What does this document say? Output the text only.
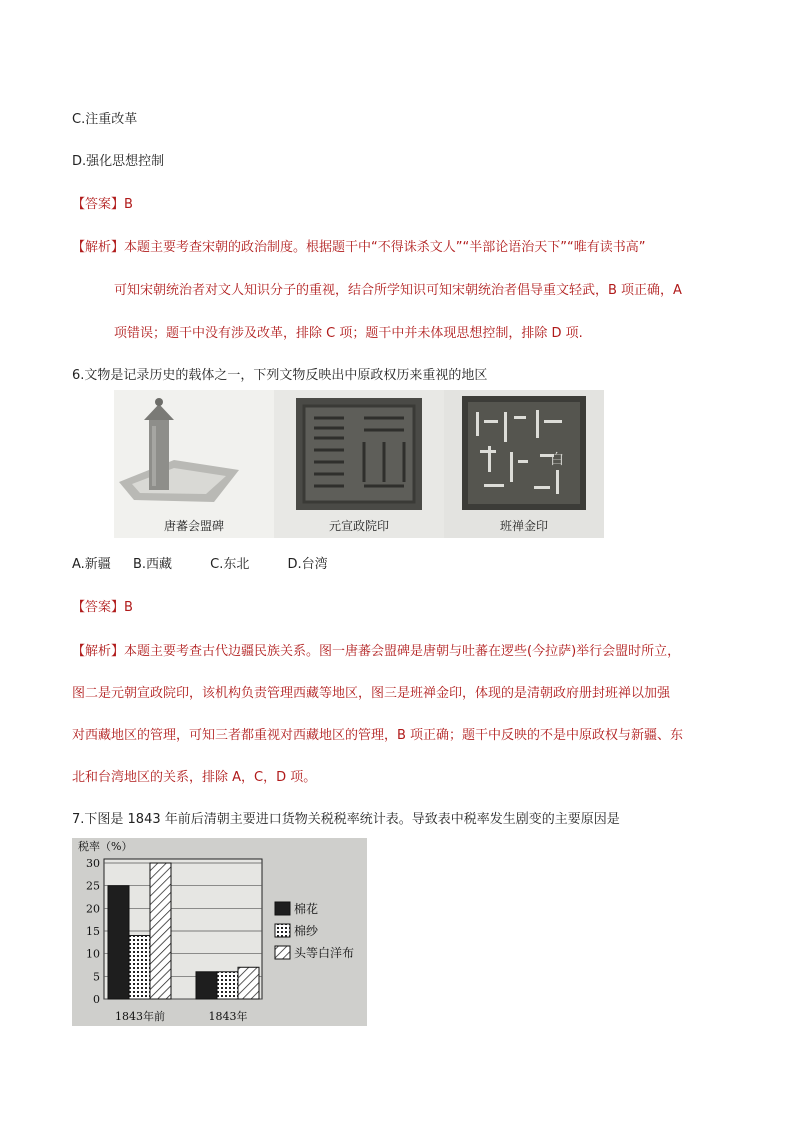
C.注重改革
D.强化思想控制
【答案】B
【解析】本题主要考查宋朝的政治制度。根据题干中“不得诛杀文人”“半部论语治天下”“唯有读书高”
可知宋朝统治者对文人知识分子的重视，结合所学知识可知宋朝统治者倡导重文轻武，B 项正确，A
项错误；题干中没有涉及改革，排除 C 项；题干中并未体现思想控制，排除 D 项.
6.文物是记录历史的载体之一，下列文物反映出中原政权历来重视的地区
唐蕃会盟碑	元宣政院印
白
班禅金印
A.新疆 B.西藏	C.东北	D.台湾
【答案】B
【解析】本题主要考查古代边疆民族关系。图一唐蕃会盟碑是唐朝与吐蕃在逻些(今拉萨)举行会盟时所立，
图二是元朝宣政院印，该机构负责管理西藏等地区，图三是班禅金印，体现的是清朝政府册封班禅以加强
对西藏地区的管理，可知三者都重视对西藏地区的管理，B 项正确；题干中反映的不是中原政权与新疆、东
北和台湾地区的关系，排除 A，C，D 项。
7.下图是 1843 年前后清朝主要进口货物关税税率统计表。导致表中税率发生剧变的主要原因是
税率（%）
0
5
10
15
20
25
30
1843年前	1843年
棉花
棉纱
头等白洋布
